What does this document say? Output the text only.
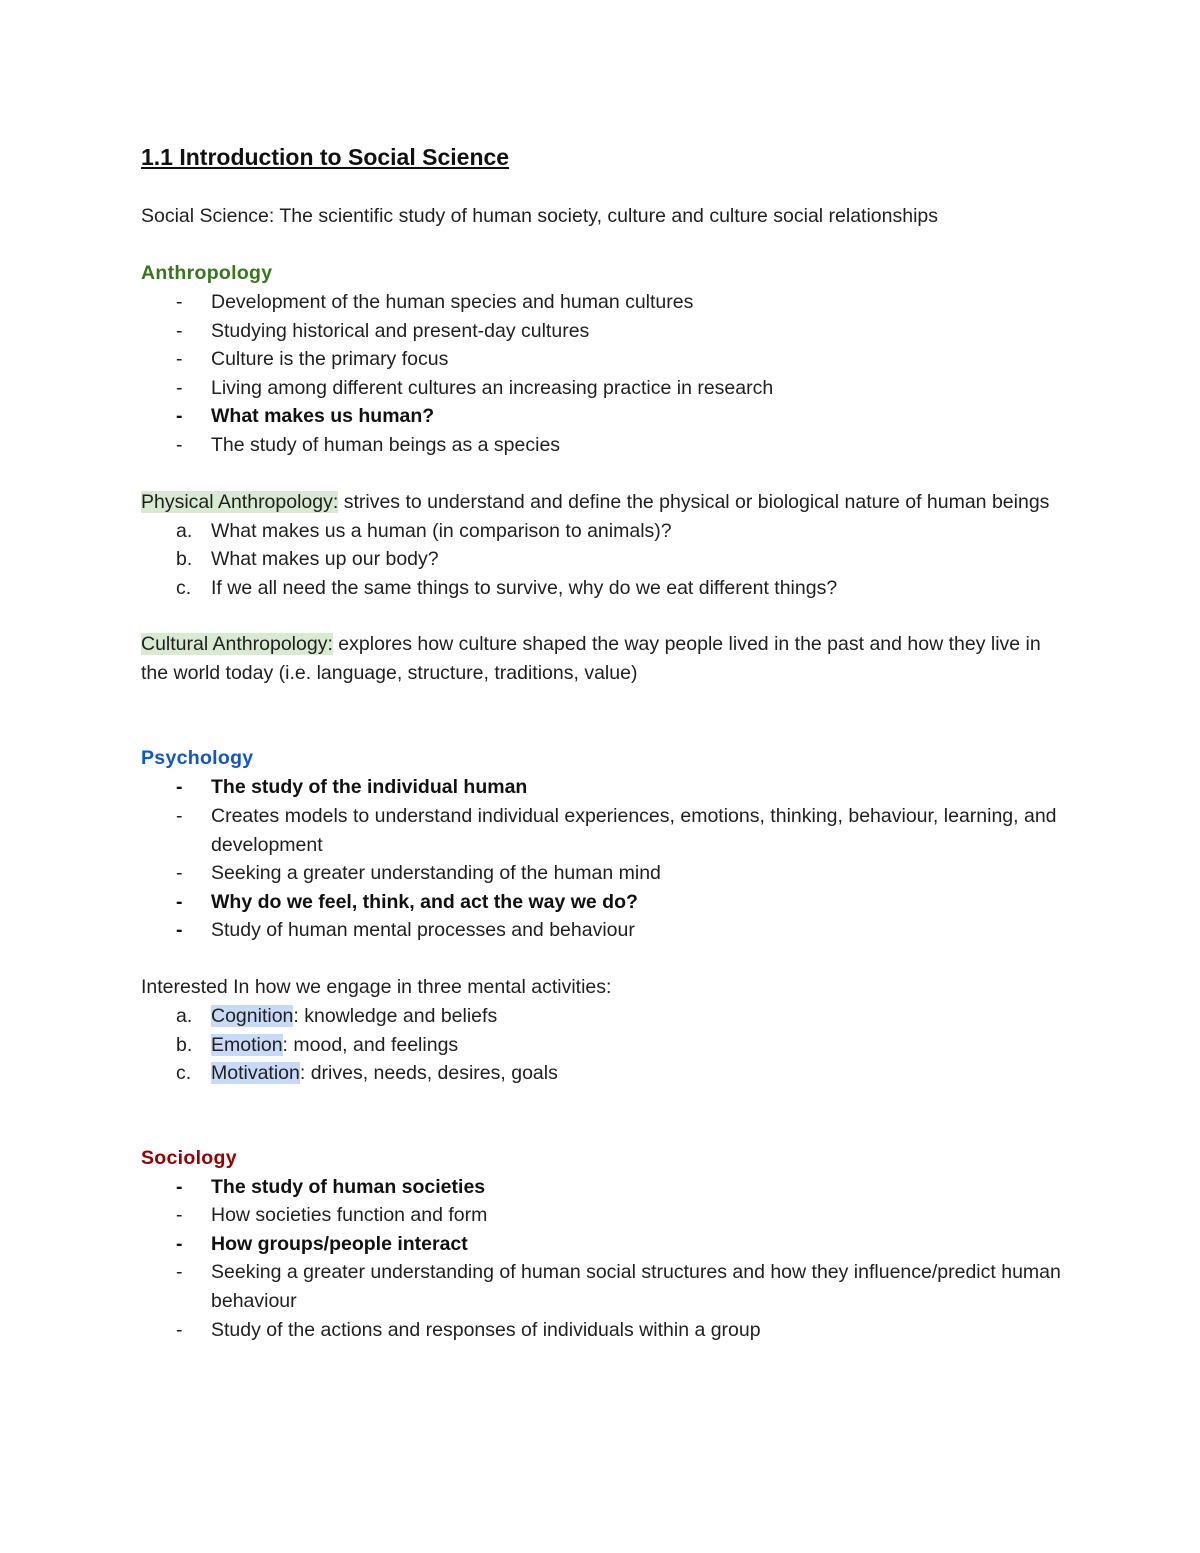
1.1 Introduction to Social Science

Social Science: The scientific study of human society, culture and culture social relationships

Anthropology

- Development of the human species and human cultures
- Studying historical and present-day cultures
- Culture is the primary focus
- Living among different cultures an increasing practice in research
- What makes us human?
- The study of human beings as a species

Physical Anthropology: strives to understand and define the physical or biological nature of human beings

a. What makes us a human (in comparison to animals)?
b. What makes up our body?
c. If we all need the same things to survive, why do we eat different things?

Cultural Anthropology: explores how culture shaped the way people lived in the past and how they live in the world today (i.e. language, structure, traditions, value)

Psychology

- The study of the individual human
- Creates models to understand individual experiences, emotions, thinking, behaviour, learning, and development
- Seeking a greater understanding of the human mind
- Why do we feel, think, and act the way we do?
- Study of human mental processes and behaviour

Interested In how we engage in three mental activities:

a. Cognition: knowledge and beliefs
b. Emotion: mood, and feelings
c. Motivation: drives, needs, desires, goals

Sociology

- The study of human societies
- How societies function and form
- How groups/people interact
- Seeking a greater understanding of human social structures and how they influence/predict human behaviour
- Study of the actions and responses of individuals within a group
